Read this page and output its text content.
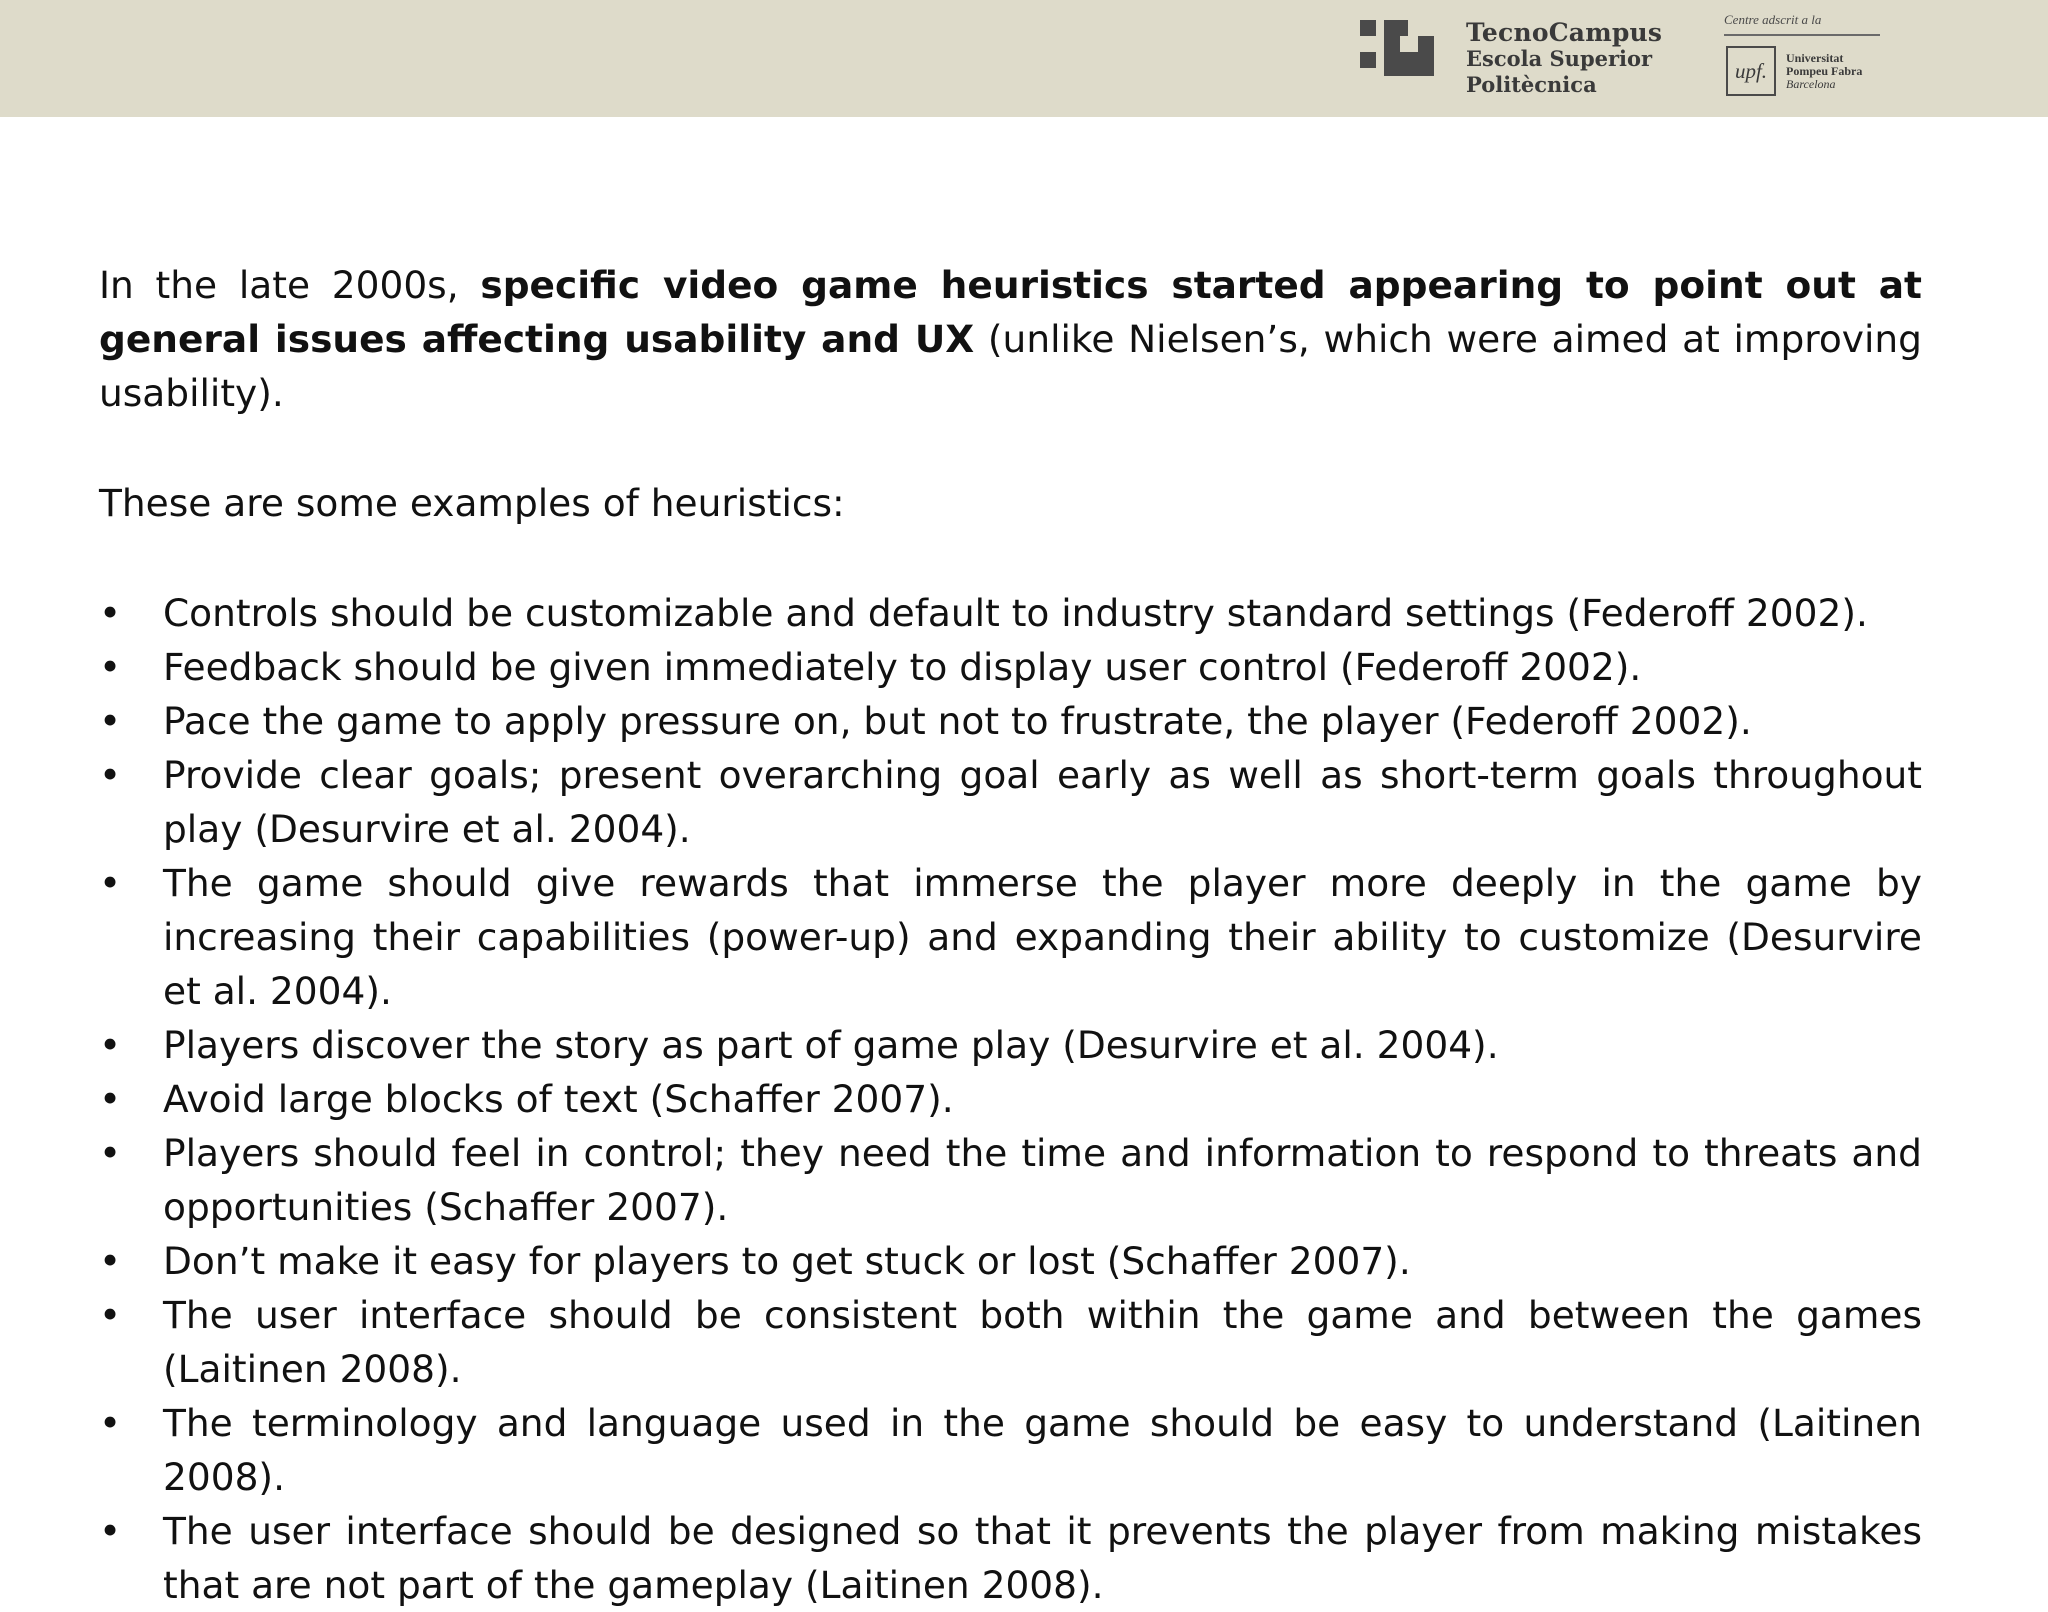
TecnoCampus
Escola Superior
Politècnica
Centre adscrit a la
upf.
Universitat
Pompeu Fabra
Barcelona

In the late 2000s, specific video game heuristics started appearing to point out at general issues affecting usability and UX (unlike Nielsen’s, which were aimed at improving usability).

These are some examples of heuristics:

• Controls should be customizable and default to industry standard settings (Federoff 2002).
• Feedback should be given immediately to display user control (Federoff 2002).
• Pace the game to apply pressure on, but not to frustrate, the player (Federoff 2002).
• Provide clear goals; present overarching goal early as well as short-term goals throughout play (Desurvire et al. 2004).
• The game should give rewards that immerse the player more deeply in the game by increasing their capabilities (power-up) and expanding their ability to customize (Desurvire et al. 2004).
• Players discover the story as part of game play (Desurvire et al. 2004).
• Avoid large blocks of text (Schaffer 2007).
• Players should feel in control; they need the time and information to respond to threats and opportunities (Schaffer 2007).
• Don’t make it easy for players to get stuck or lost (Schaffer 2007).
• The user interface should be consistent both within the game and between the games (Laitinen 2008).
• The terminology and language used in the game should be easy to understand (Laitinen 2008).
• The user interface should be designed so that it prevents the player from making mistakes that are not part of the gameplay (Laitinen 2008).
